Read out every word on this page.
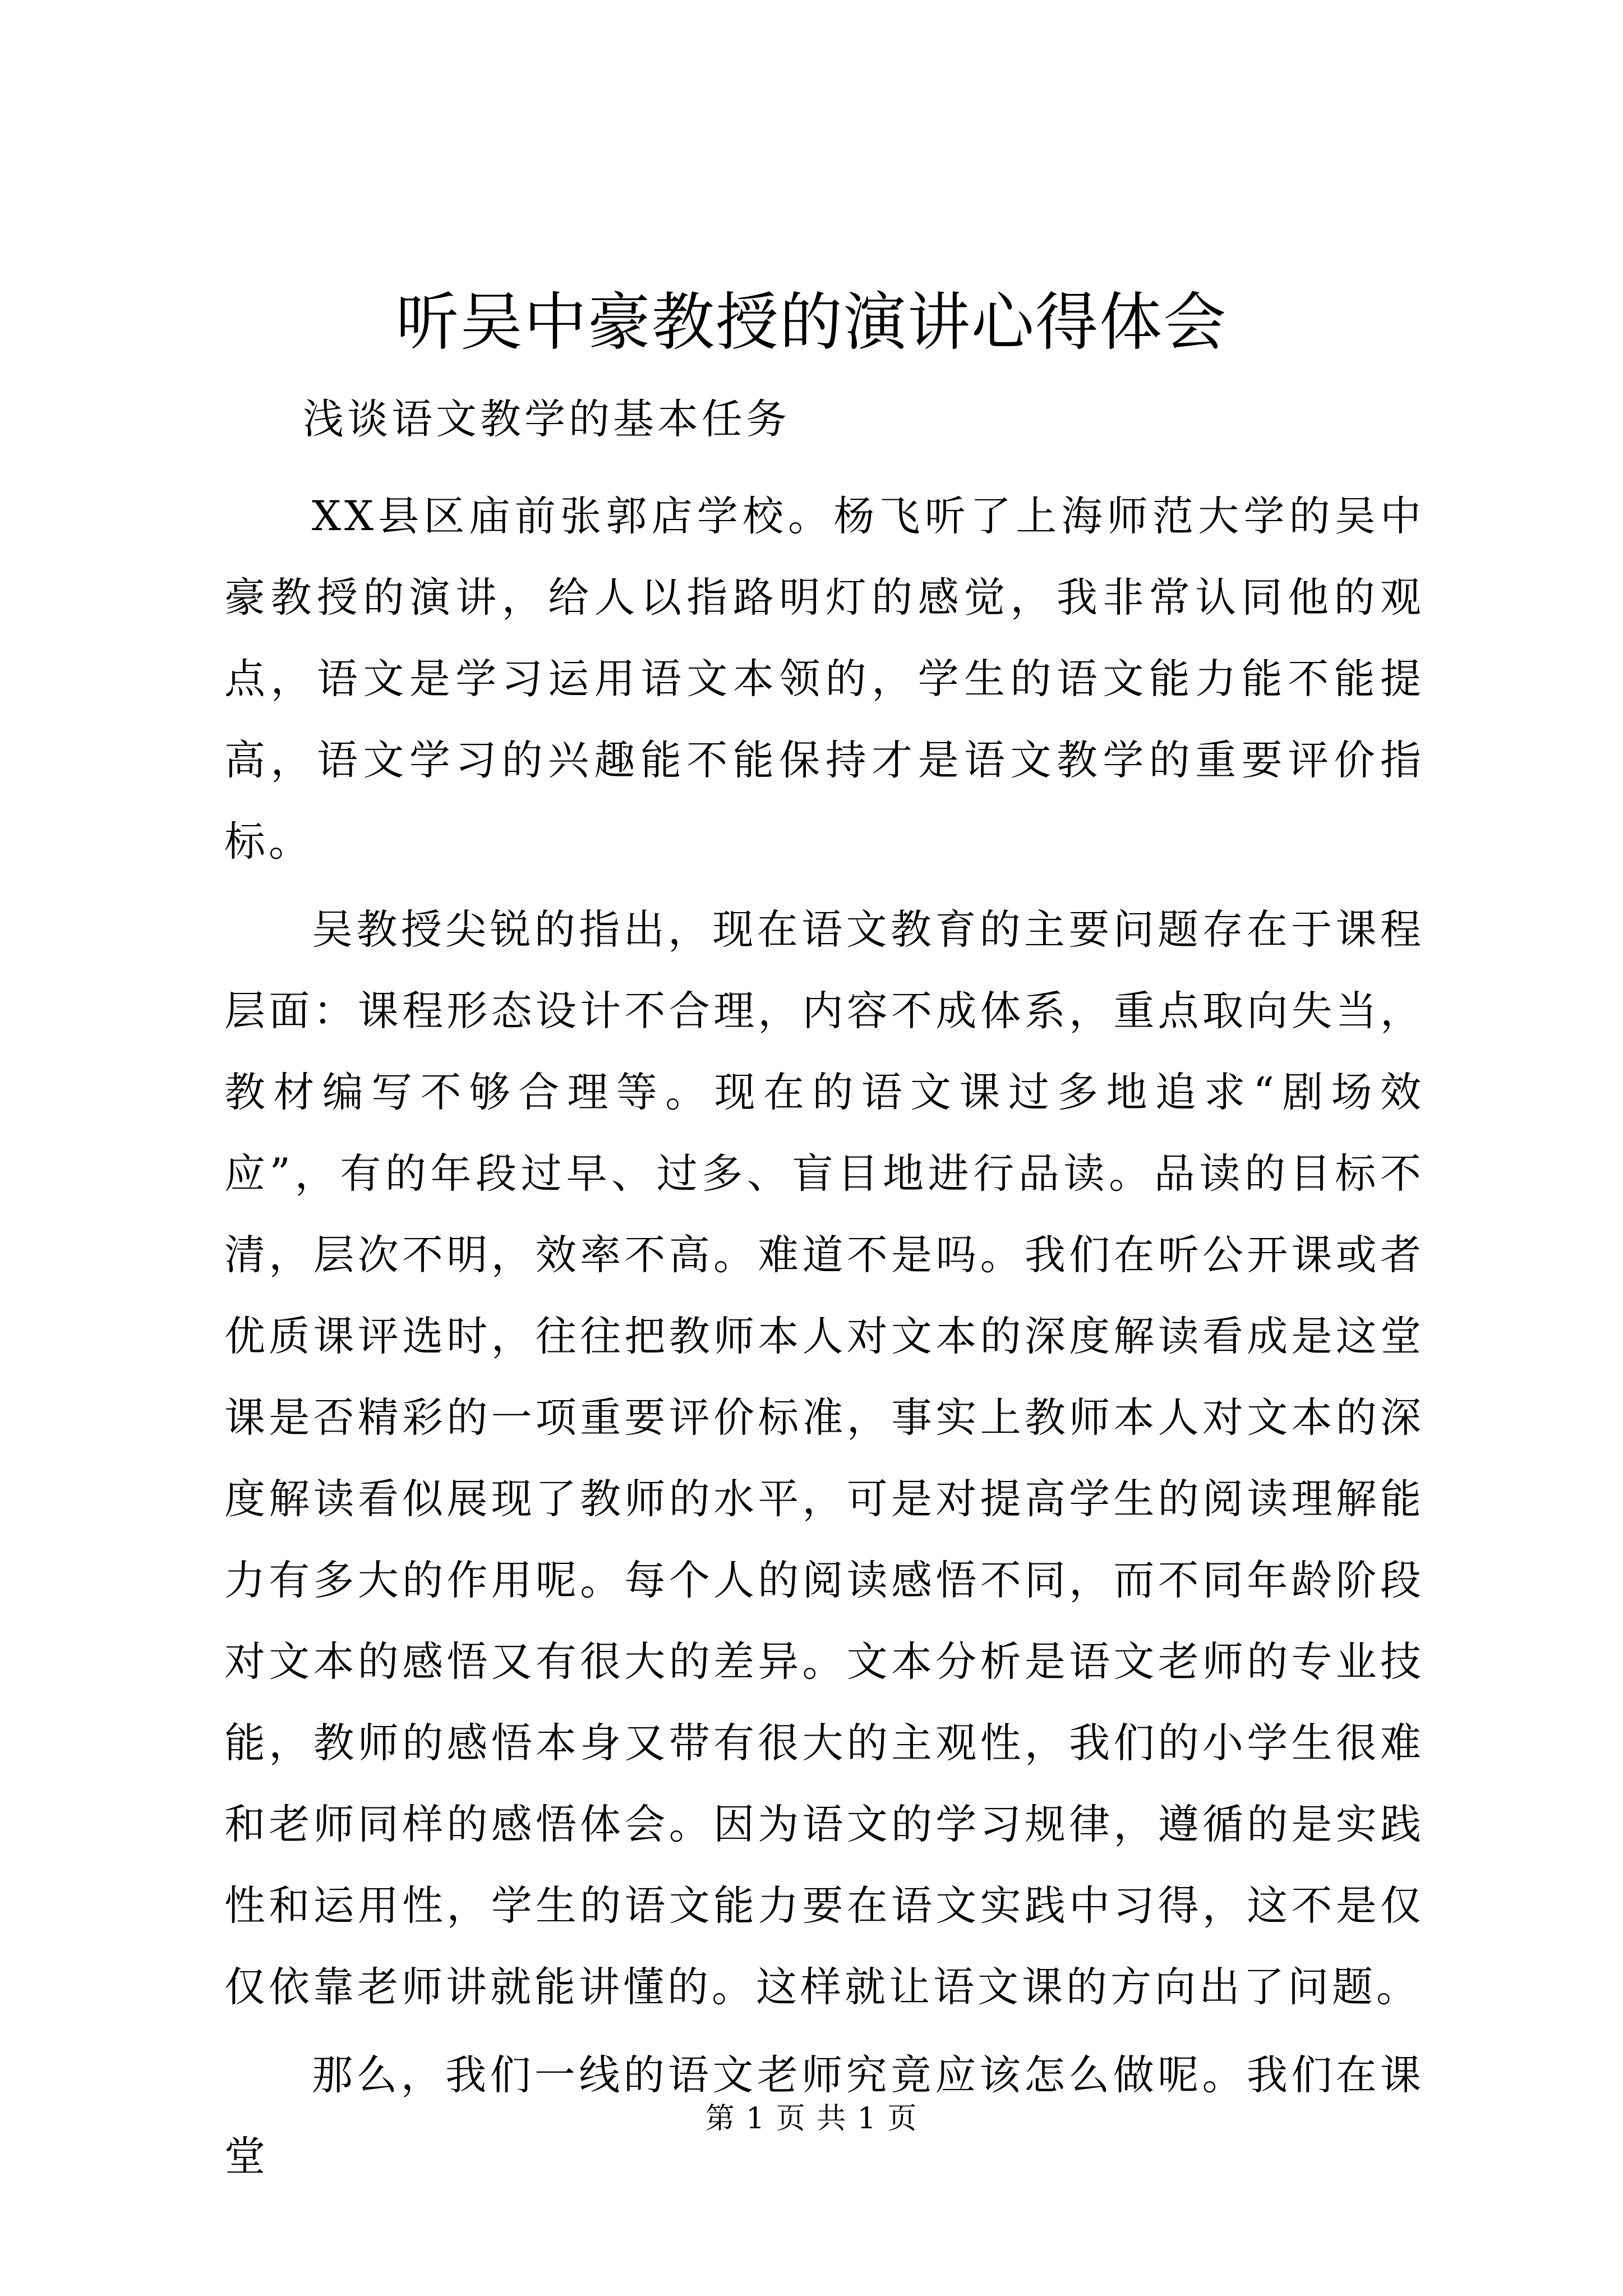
听吴中豪教授的演讲心得体会
浅谈语文教学的基本任务

XX县区庙前张郭店学校。杨飞听了上海师范大学的吴中豪教授的演讲，给人以指路明灯的感觉，我非常认同他的观点，语文是学习运用语文本领的，学生的语文能力能不能提高，语文学习的兴趣能不能保持才是语文教学的重要评价指标。

吴教授尖锐的指出，现在语文教育的主要问题存在于课程层面：课程形态设计不合理，内容不成体系，重点取向失当，教材编写不够合理等。现在的语文课过多地追求“剧场效应”，有的年段过早、过多、盲目地进行品读。品读的目标不清，层次不明，效率不高。难道不是吗。我们在听公开课或者优质课评选时，往往把教师本人对文本的深度解读看成是这堂课是否精彩的一项重要评价标准，事实上教师本人对文本的深度解读看似展现了教师的水平，可是对提高学生的阅读理解能力有多大的作用呢。每个人的阅读感悟不同，而不同年龄阶段对文本的感悟又有很大的差异。文本分析是语文老师的专业技能，教师的感悟本身又带有很大的主观性，我们的小学生很难和老师同样的感悟体会。因为语文的学习规律，遵循的是实践性和运用性，学生的语文能力要在语文实践中习得，这不是仅仅依靠老师讲就能讲懂的。这样就让语文课的方向出了问题。

那么，我们一线的语文老师究竟应该怎么做呢。我们在课堂

第 1 页 共 1 页
